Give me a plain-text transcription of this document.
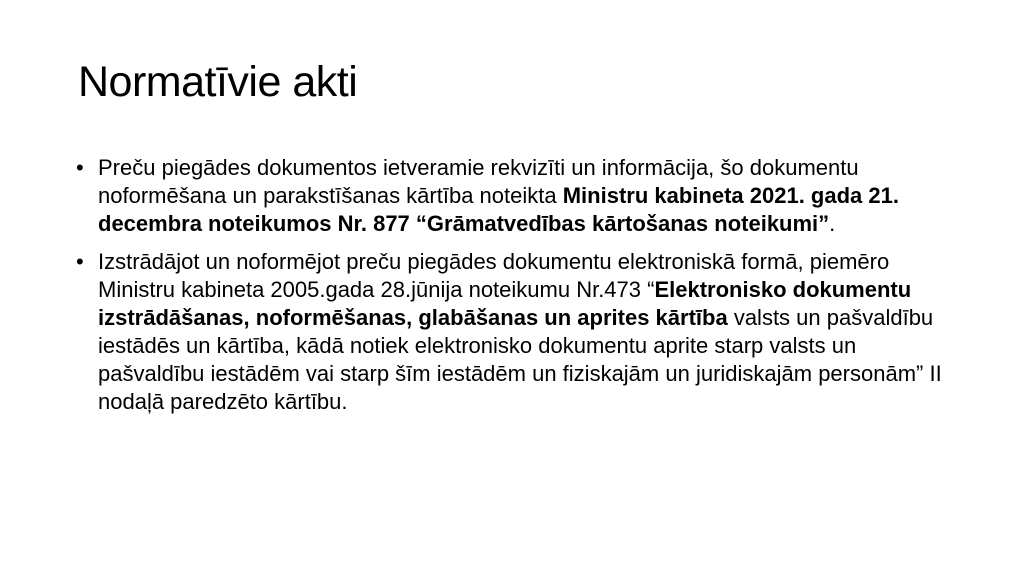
Normatīvie akti
• Preču piegādes dokumentos ietveramie rekvizīti un informācija, šo dokumentu noformēšana un parakstīšanas kārtība noteikta Ministru kabineta 2021. gada 21. decembra noteikumos Nr. 877 “Grāmatvedības kārtošanas noteikumi”.
• Izstrādājot un noformējot preču piegādes dokumentu elektroniskā formā, piemēro Ministru kabineta 2005.gada 28.jūnija noteikumu Nr.473 “Elektronisko dokumentu izstrādāšanas, noformēšanas, glabāšanas un aprites kārtība valsts un pašvaldību iestādēs un kārtība, kādā notiek elektronisko dokumentu aprite starp valsts un pašvaldību iestādēm vai starp šīm iestādēm un fiziskajām un juridiskajām personām” II nodaļā paredzēto kārtību.
